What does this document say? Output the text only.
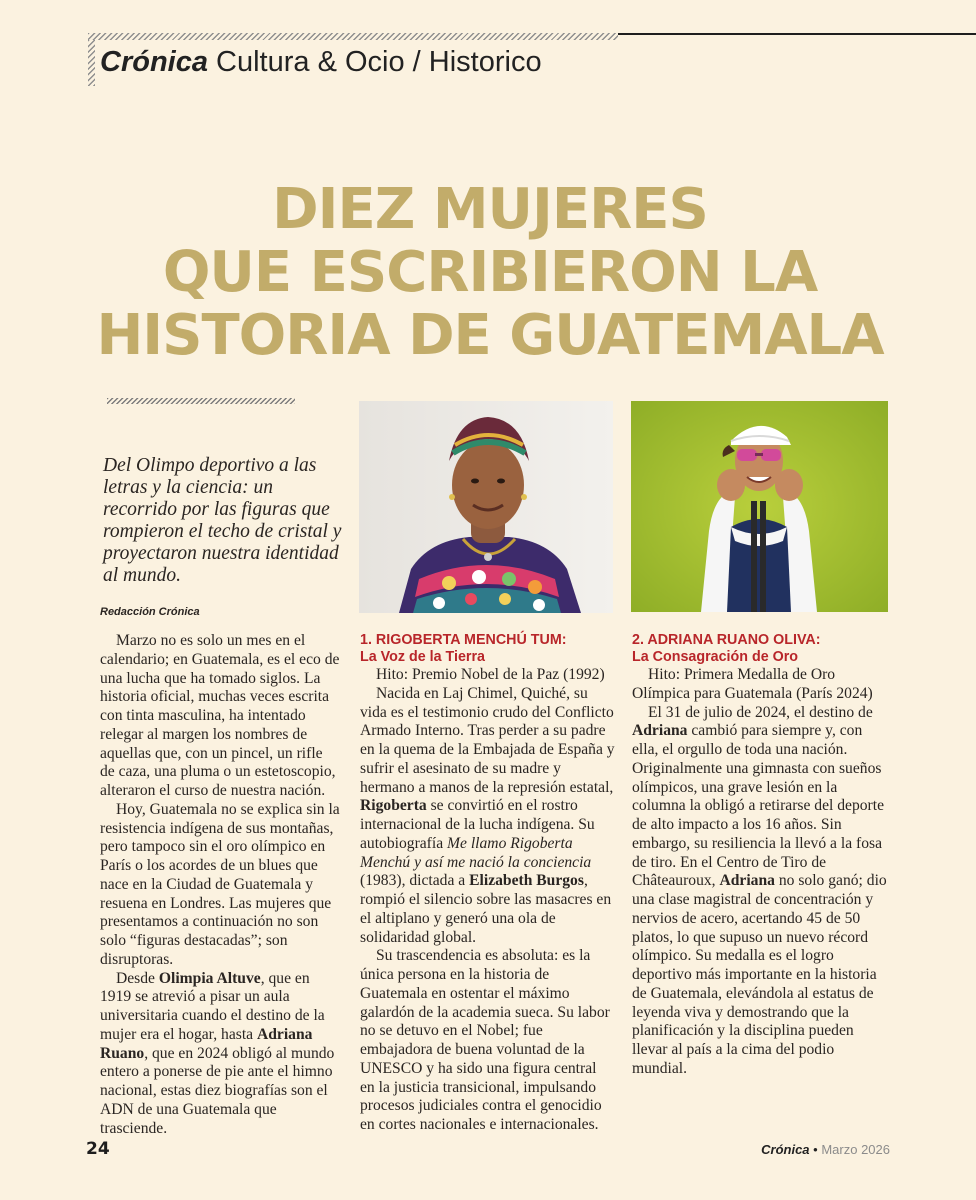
Crónica Cultura & Ocio / Historico
DIEZ MUJERES
QUE ESCRIBIERON LA
HISTORIA DE GUATEMALA
Del Olimpo deportivo a las letras y la ciencia: un recorrido por las figuras que rompieron el techo de cristal y proyectaron nuestra identidad al mundo.
Redacción Crónica

Marzo no es solo un mes en el calendario; en Guatemala, es el eco de una lucha que ha tomado siglos. La historia oficial, muchas veces escrita con tinta masculina, ha intentado relegar al margen los nombres de aquellas que, con un pincel, un rifle de caza, una pluma o un estetoscopio, alteraron el curso de nuestra nación.

Hoy, Guatemala no se explica sin la resistencia indígena de sus montañas, pero tampoco sin el oro olímpico en París o los acordes de un blues que nace en la Ciudad de Guatemala y resuena en Londres. Las mujeres que presentamos a continuación no son solo “figuras destacadas”; son disruptoras.

Desde Olimpia Altuve, que en 1919 se atrevió a pisar un aula universitaria cuando el destino de la mujer era el hogar, hasta Adriana Ruano, que en 2024 obligó al mundo entero a ponerse de pie ante el himno nacional, estas diez biografías son el ADN de una Guatemala que trasciende.

1. RIGOBERTA MENCHÚ TUM:
La Voz de la Tierra

Hito: Premio Nobel de la Paz (1992)

Nacida en Laj Chimel, Quiché, su vida es el testimonio crudo del Conflicto Armado Interno. Tras perder a su padre en la quema de la Embajada de España y sufrir el asesinato de su madre y hermano a manos de la represión estatal, Rigoberta se convirtió en el rostro internacional de la lucha indígena. Su autobiografía Me llamo Rigoberta Menchú y así me nació la conciencia (1983), dictada a Elizabeth Burgos, rompió el silencio sobre las masacres en el altiplano y generó una ola de solidaridad global.

Su trascendencia es absoluta: es la única persona en la historia de Guatemala en ostentar el máximo galardón de la academia sueca. Su labor no se detuvo en el Nobel; fue embajadora de buena voluntad de la UNESCO y ha sido una figura central en la justicia transicional, impulsando procesos judiciales contra el genocidio en cortes nacionales e internacionales.

2. ADRIANA RUANO OLIVA:
La Consagración de Oro

Hito: Primera Medalla de Oro Olímpica para Guatemala (París 2024)

El 31 de julio de 2024, el destino de Adriana cambió para siempre y, con ella, el orgullo de toda una nación. Originalmente una gimnasta con sueños olímpicos, una grave lesión en la columna la obligó a retirarse del deporte de alto impacto a los 16 años. Sin embargo, su resiliencia la llevó a la fosa de tiro. En el Centro de Tiro de Châteauroux, Adriana no solo ganó; dio una clase magistral de concentración y nervios de acero, acertando 45 de 50 platos, lo que supuso un nuevo récord olímpico. Su medalla es el logro deportivo más importante en la historia de Guatemala, elevándola al estatus de leyenda viva y demostrando que la planificación y la disciplina pueden llevar al país a la cima del podio mundial.

24	Crónica • Marzo 2026
